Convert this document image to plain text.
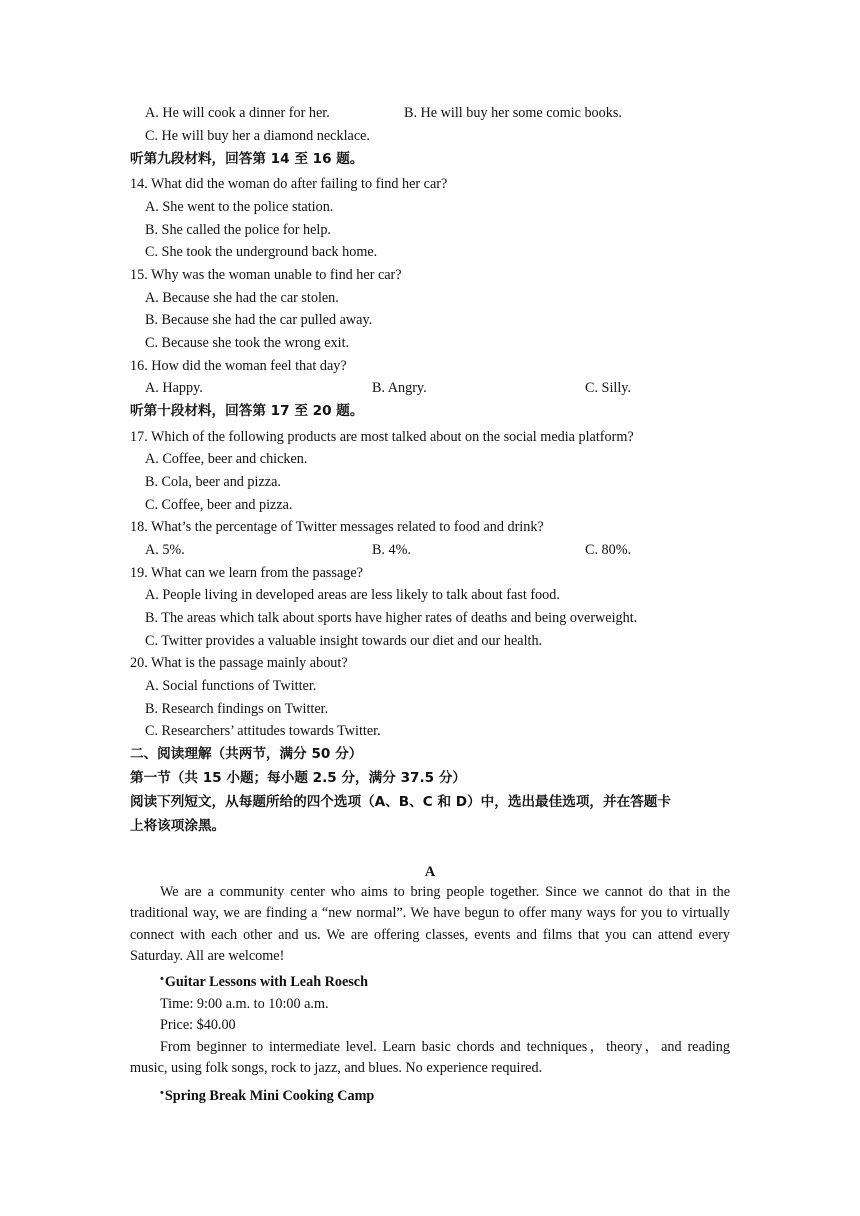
A. He will cook a dinner for her.	B. He will buy her some comic books.
C. He will buy her a diamond necklace.
听第九段材料，回答第 14 至 16 题。
14. What did the woman do after failing to find her car?
A. She went to the police station.
B. She called the police for help.
C. She took the underground back home.
15. Why was the woman unable to find her car?
A. Because she had the car stolen.
B. Because she had the car pulled away.
C. Because she took the wrong exit.
16. How did the woman feel that day?
A. Happy.	B. Angry.	C. Silly.
听第十段材料，回答第 17 至 20 题。
17. Which of the following products are most talked about on the social media platform?
A. Coffee, beer and chicken.
B. Cola, beer and pizza.
C. Coffee, beer and pizza.
18. What’s the percentage of Twitter messages related to food and drink?
A. 5%.	B. 4%.	C. 80%.
19. What can we learn from the passage?
A. People living in developed areas are less likely to talk about fast food.
B. The areas which talk about sports have higher rates of deaths and being overweight.
C. Twitter provides a valuable insight towards our diet and our health.
20. What is the passage mainly about?
A. Social functions of Twitter.
B. Research findings on Twitter.
C. Researchers’ attitudes towards Twitter.
二、阅读理解（共两节，满分 50 分）
第一节（共 15 小题；每小题 2.5 分，满分 37.5 分）
阅读下列短文，从每题所给的四个选项（A、B、C 和 D）中，选出最佳选项，并在答题卡
上将该项涂黑。
A
We are a community center who aims to bring people together. Since we cannot do that in the traditional way, we are finding a “new normal”. We have begun to offer many ways for you to virtually connect with each other and us. We are offering classes, events and films that you can attend every Saturday. All are welcome!
•Guitar Lessons with Leah Roesch
Time: 9:00 a.m. to 10:00 a.m.
Price: $40.00
From beginner to intermediate level. Learn basic chords and techniques，theory，and reading music, using folk songs, rock to jazz, and blues. No experience required.
•Spring Break Mini Cooking Camp
